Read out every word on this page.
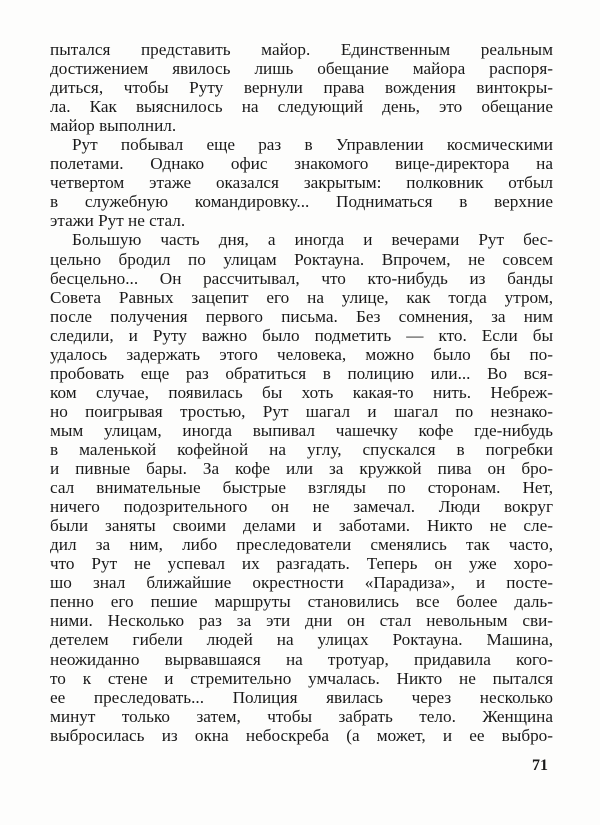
пытался представить майор. Единственным реальным
достижением явилось лишь обещание майора распоря-
диться, чтобы Руту вернули права вождения винтокры-
ла. Как выяснилось на следующий день, это обещание
майор выполнил.
Рут побывал еще раз в Управлении космическими
полетами. Однако офис знакомого вице-директора на
четвертом этаже оказался закрытым: полковник отбыл
в служебную командировку... Подниматься в верхние
этажи Рут не стал.
Большую часть дня, а иногда и вечерами Рут бес-
цельно бродил по улицам Роктауна. Впрочем, не совсем
бесцельно... Он рассчитывал, что кто-нибудь из банды
Совета Равных зацепит его на улице, как тогда утром,
после получения первого письма. Без сомнения, за ним
следили, и Руту важно было подметить — кто. Если бы
удалось задержать этого человека, можно было бы по-
пробовать еще раз обратиться в полицию или... Во вся-
ком случае, появилась бы хоть какая-то нить. Небреж-
но поигрывая тростью, Рут шагал и шагал по незнако-
мым улицам, иногда выпивал чашечку кофе где-нибудь
в маленькой кофейной на углу, спускался в погребки
и пивные бары. За кофе или за кружкой пива он бро-
сал внимательные быстрые взгляды по сторонам. Нет,
ничего подозрительного он не замечал. Люди вокруг
были заняты своими делами и заботами. Никто не сле-
дил за ним, либо преследователи сменялись так часто,
что Рут не успевал их разгадать. Теперь он уже хоро-
шо знал ближайшие окрестности «Парадиза», и посте-
пенно его пешие маршруты становились все более даль-
ними. Несколько раз за эти дни он стал невольным сви-
детелем гибели людей на улицах Роктауна. Машина,
неожиданно вырвавшаяся на тротуар, придавила кого-
то к стене и стремительно умчалась. Никто не пытался
ее преследовать... Полиция явилась через несколько
минут только затем, чтобы забрать тело. Женщина
выбросилась из окна небоскреба (а может, и ее выбро-
71
